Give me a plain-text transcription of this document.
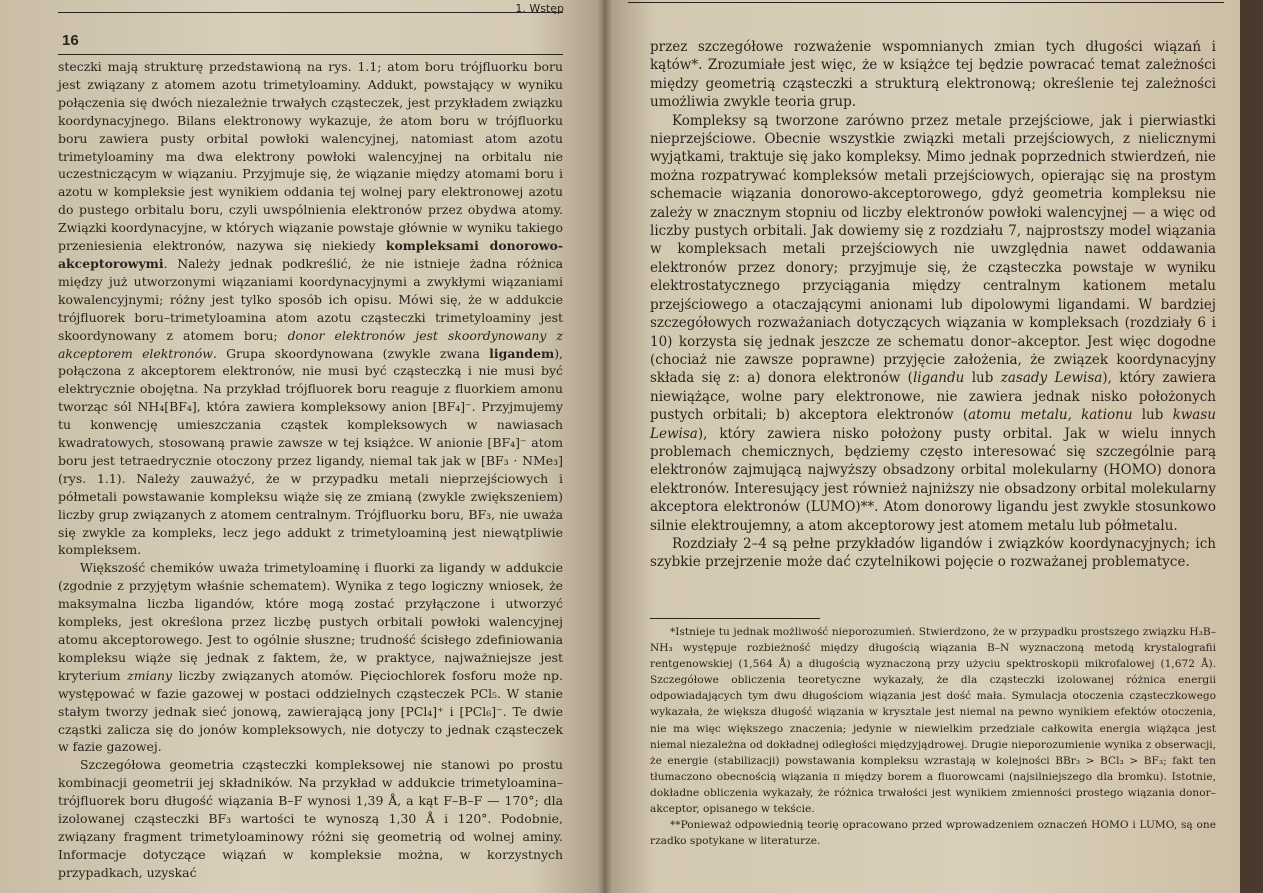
1. Wstęp
16

steczki mają strukturę przedstawioną na rys. 1.1; atom boru trójfluorku boru jest związany z atomem azotu trimetyloaminy. Addukt, powstający w wyniku połączenia się dwóch niezależnie trwałych cząsteczek, jest przykładem związku koordynacyjnego. Bilans elektronowy wykazuje, że atom boru w trójfluorku boru zawiera pusty orbital powłoki walencyjnej, natomiast atom azotu trimetyloaminy ma dwa elektrony powłoki walencyjnej na orbitalu nie uczestniczącym w wiązaniu. Przyjmuje się, że wiązanie między atomami boru i azotu w kompleksie jest wynikiem oddania tej wolnej pary elektronowej azotu do pustego orbitalu boru, czyli uwspólnienia elektronów przez obydwa atomy. Związki koordynacyjne, w których wiązanie powstaje głównie w wyniku takiego przeniesienia elektronów, nazywa się niekiedy kompleksami donorowo-akceptorowymi. Należy jednak podkreślić, że nie istnieje żadna różnica między już utworzonymi wiązaniami koordynacyjnymi a zwykłymi wiązaniami kowalencyjnymi; różny jest tylko sposób ich opisu. Mówi się, że w addukcie trójfluorek boru–trimetyloamina atom azotu cząsteczki trimetyloaminy jest skoordynowany z atomem boru; donor elektronów jest skoordynowany z akceptorem elektronów. Grupa skoordynowana (zwykle zwana ligandem), połączona z akceptorem elektronów, nie musi być cząsteczką i nie musi być elektrycznie obojętna. Na przykład trójfluorek boru reaguje z fluorkiem amonu tworząc sól NH₄[BF₄], która zawiera kompleksowy anion [BF₄]⁻. Przyjmujemy tu konwencję umieszczania cząstek kompleksowych w nawiasach kwadratowych, stosowaną prawie zawsze w tej książce. W anionie [BF₄]⁻ atom boru jest tetraedrycznie otoczony przez ligandy, niemal tak jak w [BF₃ · NMe₃] (rys. 1.1). Należy zauważyć, że w przypadku metali nieprzejściowych i półmetali powstawanie kompleksu wiąże się ze zmianą (zwykle zwiększeniem) liczby grup związanych z atomem centralnym. Trójfluorku boru, BF₃, nie uważa się zwykle za kompleks, lecz jego addukt z trimetyloaminą jest niewątpliwie kompleksem.

Większość chemików uważa trimetyloaminę i fluorki za ligandy w addukcie (zgodnie z przyjętym właśnie schematem). Wynika z tego logiczny wniosek, że maksymalna liczba ligandów, które mogą zostać przyłączone i utworzyć kompleks, jest określona przez liczbę pustych orbitali powłoki walencyjnej atomu akceptorowego. Jest to ogólnie słuszne; trudność ścisłego zdefiniowania kompleksu wiąże się jednak z faktem, że, w praktyce, najważniejsze jest kryterium zmiany liczby związanych atomów. Pięciochlorek fosforu może np. występować w fazie gazowej w postaci oddzielnych cząsteczek PCl₅. W stanie stałym tworzy jednak sieć jonową, zawierającą jony [PCl₄]⁺ i [PCl₆]⁻. Te dwie cząstki zalicza się do jonów kompleksowych, nie dotyczy to jednak cząsteczek w fazie gazowej.

Szczegółowa geometria cząsteczki kompleksowej nie stanowi po prostu kombinacji geometrii jej składników. Na przykład w addukcie trimetyloamina–trójfluorek boru długość wiązania B–F wynosi 1,39 Å, a kąt F–B–F — 170°; dla izolowanej cząsteczki BF₃ wartości te wynoszą 1,30 Å i 120°. Podobnie, związany fragment trimetyloaminowy różni się geometrią od wolnej aminy. Informacje dotyczące wiązań w kompleksie można, w korzystnych przypadkach, uzyskać

przez szczegółowe rozważenie wspomnianych zmian tych długości wiązań i kątów*. Zrozumiałe jest więc, że w książce tej będzie powracać temat zależności między geometrią cząsteczki a strukturą elektronową; określenie tej zależności umożliwia zwykle teoria grup.

Kompleksy są tworzone zarówno przez metale przejściowe, jak i pierwiastki nieprzejściowe. Obecnie wszystkie związki metali przejściowych, z nielicznymi wyjątkami, traktuje się jako kompleksy. Mimo jednak poprzednich stwierdzeń, nie można rozpatrywać kompleksów metali przejściowych, opierając się na prostym schemacie wiązania donorowo-akceptorowego, gdyż geometria kompleksu nie zależy w znacznym stopniu od liczby elektronów powłoki walencyjnej — a więc od liczby pustych orbitali. Jak dowiemy się z rozdziału 7, najprostszy model wiązania w kompleksach metali przejściowych nie uwzględnia nawet oddawania elektronów przez donory; przyjmuje się, że cząsteczka powstaje w wyniku elektrostatycznego przyciągania między centralnym kationem metalu przejściowego a otaczającymi anionami lub dipolowymi ligandami. W bardziej szczegółowych rozważaniach dotyczących wiązania w kompleksach (rozdziały 6 i 10) korzysta się jednak jeszcze ze schematu donor–akceptor. Jest więc dogodne (chociaż nie zawsze poprawne) przyjęcie założenia, że związek koordynacyjny składa się z: a) donora elektronów (ligandu lub zasady Lewisa), który zawiera niewiążące, wolne pary elektronowe, nie zawiera jednak nisko położonych pustych orbitali; b) akceptora elektronów (atomu metalu, kationu lub kwasu Lewisa), który zawiera nisko położony pusty orbital. Jak w wielu innych problemach chemicznych, będziemy często interesować się szczególnie parą elektronów zajmującą najwyższy obsadzony orbital molekularny (HOMO) donora elektronów. Interesujący jest również najniższy nie obsadzony orbital molekularny akceptora elektronów (LUMO)**. Atom donorowy ligandu jest zwykle stosunkowo silnie elektroujemny, a atom akceptorowy jest atomem metalu lub półmetalu.

Rozdziały 2–4 są pełne przykładów ligandów i związków koordynacyjnych; ich szybkie przejrzenie może dać czytelnikowi pojęcie o rozważanej problematyce.

*Istnieje tu jednak możliwość nieporozumień. Stwierdzono, że w przypadku prostszego związku H₃B–NH₃ występuje rozbieżność między długością wiązania B–N wyznaczoną metodą krystalografii rentgenowskiej (1,564 Å) a długością wyznaczoną przy użyciu spektroskopii mikrofalowej (1,672 Å). Szczegółowe obliczenia teoretyczne wykazały, że dla cząsteczki izolowanej różnica energii odpowiadających tym dwu długościom wiązania jest dość mała. Symulacja otoczenia cząsteczkowego wykazała, że większa długość wiązania w krysztale jest niemal na pewno wynikiem efektów otoczenia, nie ma więc większego znaczenia; jedynie w niewielkim przedziale całkowita energia wiążąca jest niemal niezależna od dokładnej odległości międzyjądrowej. Drugie nieporozumienie wynika z obserwacji, że energie (stabilizacji) powstawania kompleksu wzrastają w kolejności BBr₃ > BCl₃ > BF₃; fakt ten tłumaczono obecnością wiązania π między borem a fluorowcami (najsilniejszego dla bromku). Istotnie, dokładne obliczenia wykazały, że różnica trwałości jest wynikiem zmienności prostego wiązania donor–akceptor, opisanego w tekście.

**Ponieważ odpowiednią teorię opracowano przed wprowadzeniem oznaczeń HOMO i LUMO, są one rzadko spotykane w literaturze.
